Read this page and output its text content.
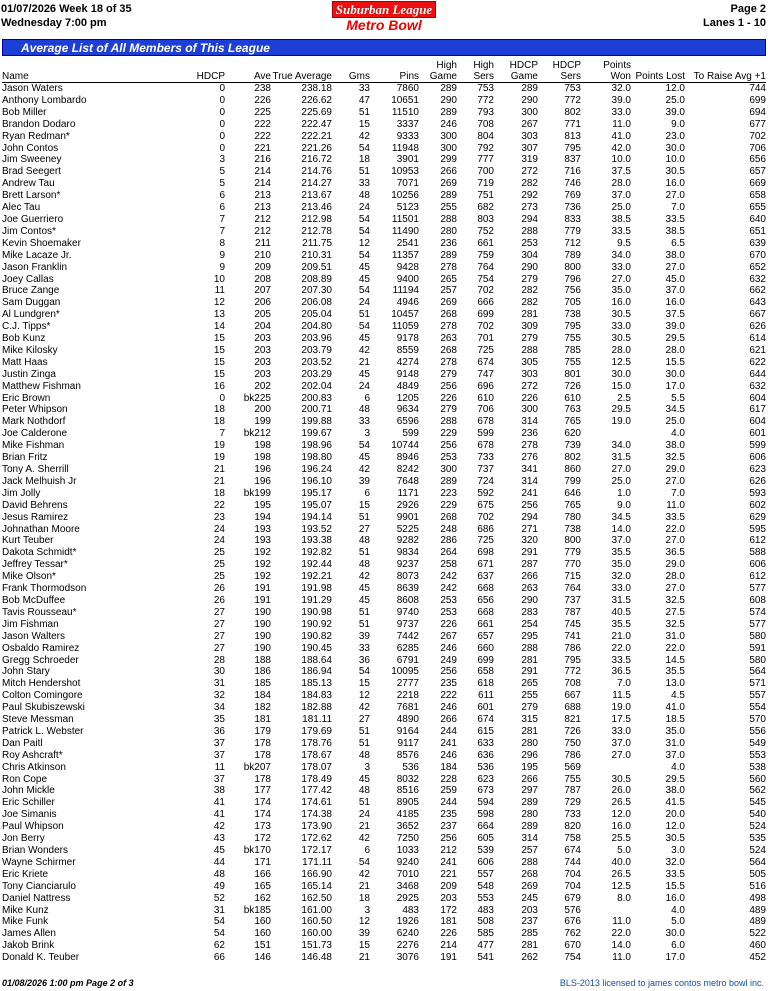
01/07/2026 Week 18 of 35
Wednesday 7:00 pm
Suburban League
Metro Bowl
Page 2
Lanes 1 - 10
Average List of All Members of This League
Name	HDCP	Ave	True Average	Gms	Pins	High Game	High Sers	HDCP Game	HDCP Sers	Points Won	Points Lost	To Raise Avg +1
Jason Waters	0	238	238.18	33	7860	289	753	289	753	32.0	12.0	744
Anthony Lombardo	0	226	226.62	47	10651	290	772	290	772	39.0	25.0	699
Bob Miller	0	225	225.69	51	11510	289	793	300	802	33.0	39.0	694
Brandon Dodaro	0	222	222.47	15	3337	246	708	267	771	11.0	9.0	677
Ryan Redman*	0	222	222.21	42	9333	300	804	303	813	41.0	23.0	702
John Contos	0	221	221.26	54	11948	300	792	307	795	42.0	30.0	706
Jim Sweeney	3	216	216.72	18	3901	299	777	319	837	10.0	10.0	656
Brad Seegert	5	214	214.76	51	10953	266	700	272	716	37.5	30.5	657
Andrew Tau	5	214	214.27	33	7071	269	719	282	746	28.0	16.0	669
Brett Larson*	6	213	213.67	48	10256	289	751	292	769	37.0	27.0	658
Alec Tau	6	213	213.46	24	5123	255	682	273	736	25.0	7.0	655
Joe Guerriero	7	212	212.98	54	11501	288	803	294	833	38.5	33.5	640
Jim Contos*	7	212	212.78	54	11490	280	752	288	779	33.5	38.5	651
Kevin Shoemaker	8	211	211.75	12	2541	236	661	253	712	9.5	6.5	639
Mike Lacaze Jr.	9	210	210.31	54	11357	289	759	304	789	34.0	38.0	670
Jason Franklin	9	209	209.51	45	9428	278	764	290	800	33.0	27.0	652
Joey Callas	10	208	208.89	45	9400	265	754	279	796	27.0	45.0	632
Bruce Zange	11	207	207.30	54	11194	257	702	282	756	35.0	37.0	662
Sam Duggan	12	206	206.08	24	4946	269	666	282	705	16.0	16.0	643
Al Lundgren*	13	205	205.04	51	10457	268	699	281	738	30.5	37.5	667
C.J. Tipps*	14	204	204.80	54	11059	278	702	309	795	33.0	39.0	626
Bob Kunz	15	203	203.96	45	9178	263	701	279	755	30.5	29.5	614
Mike Kilosky	15	203	203.79	42	8559	268	725	288	785	28.0	28.0	621
Matt Haas	15	203	203.52	21	4274	278	674	305	755	12.5	15.5	622
Justin Zinga	15	203	203.29	45	9148	279	747	303	801	30.0	30.0	644
Matthew Fishman	16	202	202.04	24	4849	256	696	272	726	15.0	17.0	632
Eric Brown	0	bk225	200.83	6	1205	226	610	226	610	2.5	5.5	604
Peter Whipson	18	200	200.71	48	9634	279	706	300	763	29.5	34.5	617
Mark Nothdorf	18	199	199.88	33	6596	288	678	314	765	19.0	25.0	604
Joe Calderone	7	bk212	199.67	3	599	229	599	236	620		4.0	601
Mike Fishman	19	198	198.96	54	10744	256	678	278	739	34.0	38.0	599
Brian Fritz	19	198	198.80	45	8946	253	733	276	802	31.5	32.5	606
Tony A. Sherrill	21	196	196.24	42	8242	300	737	341	860	27.0	29.0	623
Jack Melhuish Jr	21	196	196.10	39	7648	289	724	314	799	25.0	27.0	626
Jim Jolly	18	bk199	195.17	6	1171	223	592	241	646	1.0	7.0	593
David Behrens	22	195	195.07	15	2926	229	675	256	765	9.0	11.0	602
Jesus Ramirez	23	194	194.14	51	9901	268	702	294	780	34.5	33.5	629
Johnathan Moore	24	193	193.52	27	5225	248	686	271	738	14.0	22.0	595
Kurt Teuber	24	193	193.38	48	9282	286	725	320	800	37.0	27.0	612
Dakota Schmidt*	25	192	192.82	51	9834	264	698	291	779	35.5	36.5	588
Jeffrey Tessar*	25	192	192.44	48	9237	258	671	287	770	35.0	29.0	606
Mike Olson*	25	192	192.21	42	8073	242	637	266	715	32.0	28.0	612
Frank Thormodson	26	191	191.98	45	8639	242	668	263	764	33.0	27.0	577
Bob McDuffee	26	191	191.29	45	8608	253	656	290	737	31.5	32.5	608
Tavis Rousseau*	27	190	190.98	51	9740	253	668	283	787	40.5	27.5	574
Jim Fishman	27	190	190.92	51	9737	226	661	254	745	35.5	32.5	577
Jason Walters	27	190	190.82	39	7442	267	657	295	741	21.0	31.0	580
Osbaldo Ramirez	27	190	190.45	33	6285	246	660	288	786	22.0	22.0	591
Gregg Schroeder	28	188	188.64	36	6791	249	699	281	795	33.5	14.5	580
John Stary	30	186	186.94	54	10095	256	658	291	772	36.5	35.5	564
Mitch Hendershot	31	185	185.13	15	2777	235	618	265	708	7.0	13.0	571
Colton Comingore	32	184	184.83	12	2218	222	611	255	667	11.5	4.5	557
Paul Skubiszewski	34	182	182.88	42	7681	246	601	279	688	19.0	41.0	554
Steve Messman	35	181	181.11	27	4890	266	674	315	821	17.5	18.5	570
Patrick L. Webster	36	179	179.69	51	9164	244	615	281	726	33.0	35.0	556
Dan Paitl	37	178	178.76	51	9117	241	633	280	750	37.0	31.0	549
Roy Ashcraft*	37	178	178.67	48	8576	246	636	296	786	27.0	37.0	553
Chris Atkinson	11	bk207	178.07	3	536	184	536	195	569		4.0	538
Ron Cope	37	178	178.49	45	8032	228	623	266	755	30.5	29.5	560
John Mickle	38	177	177.42	48	8516	259	673	297	787	26.0	38.0	562
Eric Schiller	41	174	174.61	51	8905	244	594	289	729	26.5	41.5	545
Joe Simanis	41	174	174.38	24	4185	235	598	280	733	12.0	20.0	540
Paul Whipson	42	173	173.90	21	3652	237	664	289	820	16.0	12.0	524
Jon Berry	43	172	172.62	42	7250	256	605	314	758	25.5	30.5	535
Brian Wonders	45	bk170	172.17	6	1033	212	539	257	674	5.0	3.0	524
Wayne Schirmer	44	171	171.11	54	9240	241	606	288	744	40.0	32.0	564
Eric Kriete	48	166	166.90	42	7010	221	557	268	704	26.5	33.5	505
Tony Cianciarulo	49	165	165.14	21	3468	209	548	269	704	12.5	15.5	516
Daniel Nattress	52	162	162.50	18	2925	203	553	245	679	8.0	16.0	498
Mike Kunz	31	bk185	161.00	3	483	172	483	203	576		4.0	489
Mike Funk	54	160	160.50	12	1926	181	508	237	676	11.0	5.0	489
James Allen	54	160	160.00	39	6240	226	585	285	762	22.0	30.0	522
Jakob Brink	62	151	151.73	15	2276	214	477	281	670	14.0	6.0	460
Donald K. Teuber	66	146	146.48	21	3076	191	541	262	754	11.0	17.0	452
01/08/2026 1:00 pm Page 2 of 3	BLS-2013 licensed to james contos metro bowl inc.
